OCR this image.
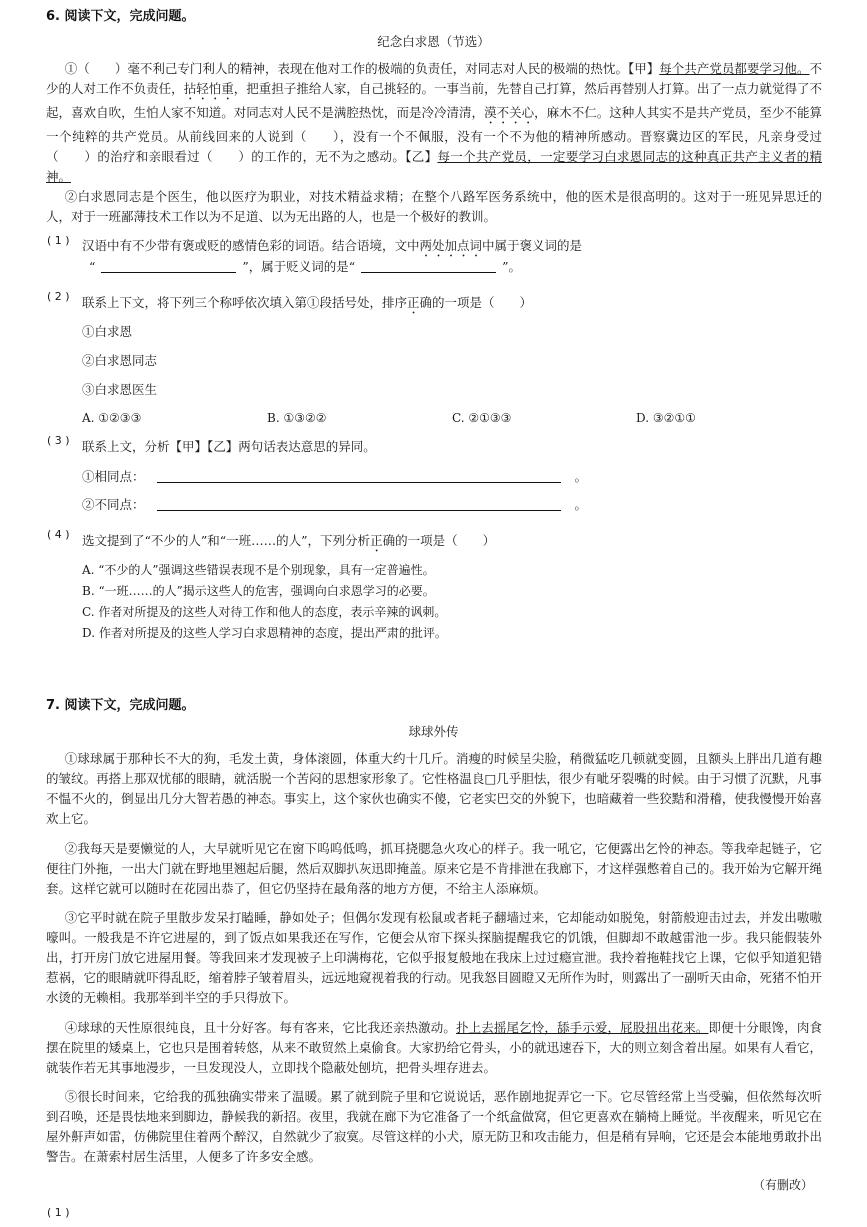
6. 阅读下文，完成问题。
纪念白求恩（节选）
①（　　）毫不利己专门利人的精神，表现在他对工作的极端的负责任，对同志对人民的极端的热忱。【甲】每个共产党员都要学习他。不少的人对工作不负责任，拈轻怕重，把重担子推给人家，自己挑轻的。一事当前，先替自己打算，然后再替别人打算。出了一点力就觉得了不起，喜欢自吹，生怕人家不知道。对同志对人民不是满腔热忱，而是冷冷清清，漠不关心，麻木不仁。这种人其实不是共产党员，至少不能算一个纯粹的共产党员。从前线回来的人说到（　　），没有一个不佩服，没有一个不为他的精神所感动。晋察冀边区的军民，凡亲身受过（　　）的治疗和亲眼看过（　　）的工作的，无不为之感动。【乙】每一个共产党员，一定要学习白求恩同志的这种真正共产主义者的精神。
②白求恩同志是个医生，他以医疗为职业，对技术精益求精；在整个八路军医务系统中，他的医术是很高明的。这对于一班见异思迁的人，对于一班鄙薄技术工作以为不足道、以为无出路的人，也是一个极好的教训。
( 1 ) 汉语中有不少带有褒或贬的感情色彩的词语。结合语境，文中两处加点词中属于褒义词的是
“	”，属于贬义词的是“	”。
( 2 ) 联系上下文，将下列三个称呼依次填入第①段括号处，排序正确的一项是（　　）
①白求恩
②白求恩同志
③白求恩医生
A. ①②③③	B. ①③②②	C. ②①③③	D. ③②①①
( 3 ) 联系上文，分析【甲】【乙】两句话表达意思的异同。
①相同点：	。
②不同点：	。
( 4 ) 选文提到了“不少的人”和“一班……的人”，下列分析正确的一项是（　　）
A. “不少的人”强调这些错误表现不是个别现象，具有一定普遍性。
B. “一班……的人”揭示这些人的危害，强调向白求恩学习的必要。
C. 作者对所提及的这些人对待工作和他人的态度，表示辛辣的讽刺。
D. 作者对所提及的这些人学习白求恩精神的态度，提出严肃的批评。
7. 阅读下文，完成问题。
球球外传
①球球属于那种长不大的狗，毛发土黄，身体滚圆，体重大约十几斤。消瘦的时候呈尖脸，稍微猛吃几顿就变圆，且额头上胖出几道有趣的皱纹。再搭上那双忧郁的眼睛，就活脱一个苦闷的思想家形象了。它性格温良□几乎胆怯，很少有呲牙裂嘴的时候。由于习惯了沉默，凡事不愠不火的，倒显出几分大智若愚的神态。事实上，这个家伙也确实不傻，它老实巴交的外貌下，也暗藏着一些狡黠和滑稽，使我慢慢开始喜欢上它。
②我每天是要懒觉的人，大早就听见它在窗下呜呜低鸣，抓耳挠腮急火攻心的样子。我一吼它，它便露出乞怜的神态。等我牵起链子，它便往门外拖，一出大门就在野地里翘起后腿，然后双脚扒灰迅即掩盖。原来它是不肯排泄在我廊下，才这样强憋着自己的。我开始为它解开绳套。这样它就可以随时在花园出恭了，但它仍坚持在最角落的地方方便，不给主人添麻烦。
③它平时就在院子里散步发呆打瞌睡，静如处子；但偶尔发现有松鼠或者耗子翻墙过来，它却能动如脱兔，射箭般迎击过去，并发出嗷嗷嚎叫。一般我是不许它进屋的，到了饭点如果我还在写作，它便会从帘下探头探脑提醒我它的饥饿，但脚却不敢越雷池一步。我只能假装外出，打开房门放它进屋用餐。等我回来才发现被子上印满梅花，它似乎报复般地在我床上过过瘾宣泄。我拎着拖鞋找它上课，它似乎知道犯错惹祸，它的眼睛就吓得乱眨，缩着脖子皱着眉头，远远地窥视着我的行动。见我怒目圆瞪又无所作为时，则露出了一副听天由命，死猪不怕开水烫的无赖相。我那举到半空的手只得放下。
④球球的天性原很纯良，且十分好客。每有客来，它比我还亲热激动。扑上去摇尾乞怜，舔手示爱，屁股扭出花来。即便十分眼馋，肉食摆在院里的矮桌上，它也只是围着转悠，从来不敢贸然上桌偷食。大家扔给它骨头，小的就迅速吞下，大的则立刻含着出屋。如果有人看它，就装作若无其事地漫步，一旦发现没人，立即找个隐蔽处刨坑，把骨头埋存进去。
⑤很长时间来，它给我的孤独确实带来了温暖。累了就到院子里和它说说话，恶作剧地捉弄它一下。它尽管经常上当受骗，但依然每次听到召唤，还是畏怯地来到脚边，静候我的新招。夜里，我就在廊下为它准备了一个纸盒做窝，但它更喜欢在躺椅上睡觉。半夜醒来，听见它在屋外鼾声如雷，仿佛院里住着两个醉汉，自然就少了寂寞。尽管这样的小犬，原无防卫和攻击能力，但是稍有异响，它还是会本能地勇敢扑出警告。在萧索村居生活里，人便多了许多安全感。
（有删改）
( 1 )
